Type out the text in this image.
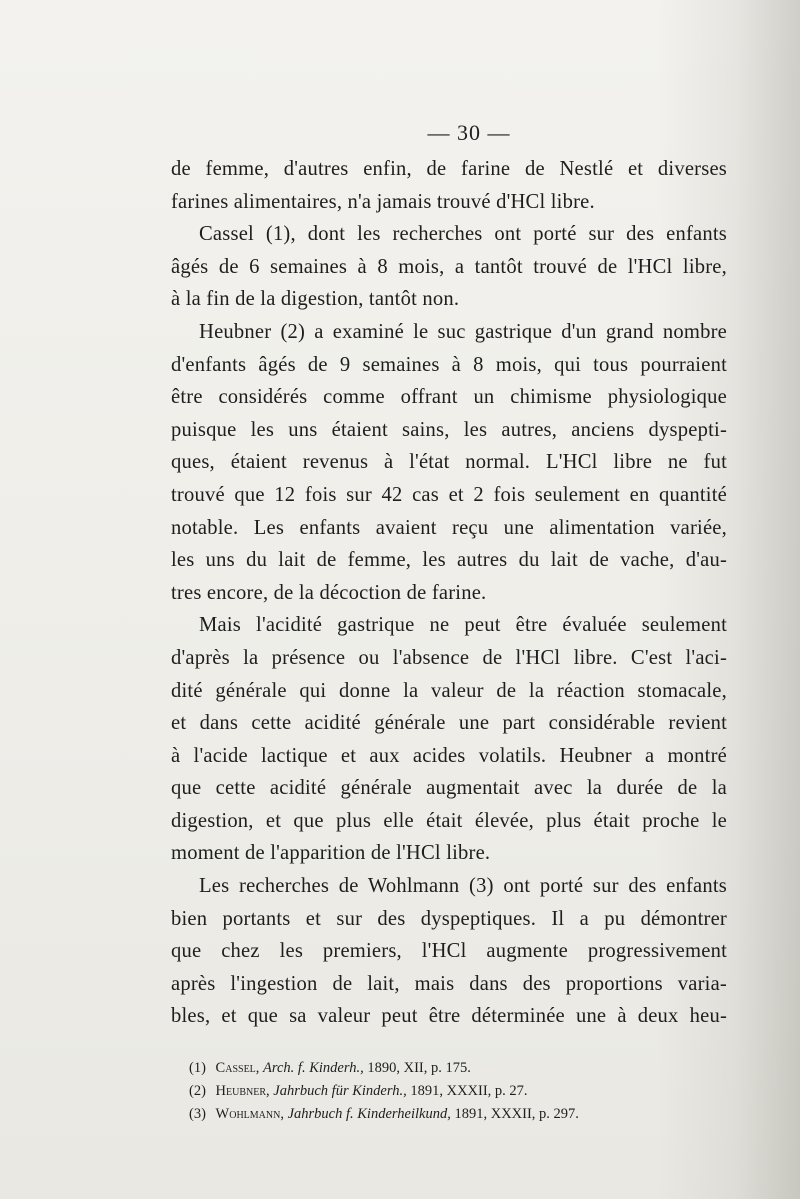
— 30 —
de femme, d'autres enfin, de farine de Nestlé et diverses
farines alimentaires, n'a jamais trouvé d'HCl libre.
Cassel (1), dont les recherches ont porté sur des enfants
âgés de 6 semaines à 8 mois, a tantôt trouvé de l'HCl libre,
à la fin de la digestion, tantôt non.
Heubner (2) a examiné le suc gastrique d'un grand nombre
d'enfants âgés de 9 semaines à 8 mois, qui tous pourraient
être considérés comme offrant un chimisme physiologique
puisque les uns étaient sains, les autres, anciens dyspepti-
ques, étaient revenus à l'état normal. L'HCl libre ne fut
trouvé que 12 fois sur 42 cas et 2 fois seulement en quantité
notable. Les enfants avaient reçu une alimentation variée,
les uns du lait de femme, les autres du lait de vache, d'au-
tres encore, de la décoction de farine.
Mais l'acidité gastrique ne peut être évaluée seulement
d'après la présence ou l'absence de l'HCl libre. C'est l'aci-
dité générale qui donne la valeur de la réaction stomacale,
et dans cette acidité générale une part considérable revient
à l'acide lactique et aux acides volatils. Heubner a montré
que cette acidité générale augmentait avec la durée de la
digestion, et que plus elle était élevée, plus était proche le
moment de l'apparition de l'HCl libre.
Les recherches de Wohlmann (3) ont porté sur des enfants
bien portants et sur des dyspeptiques. Il a pu démontrer
que chez les premiers, l'HCl augmente progressivement
après l'ingestion de lait, mais dans des proportions varia-
bles, et que sa valeur peut être déterminée une à deux heu-
(1) Cassel, Arch. f. Kinderh., 1890, XII, p. 175.
(2) Heubner, Jahrbuch für Kinderh., 1891, XXXII, p. 27.
(3) Wohlmann, Jahrbuch f. Kinderheilkund, 1891, XXXII, p. 297.
